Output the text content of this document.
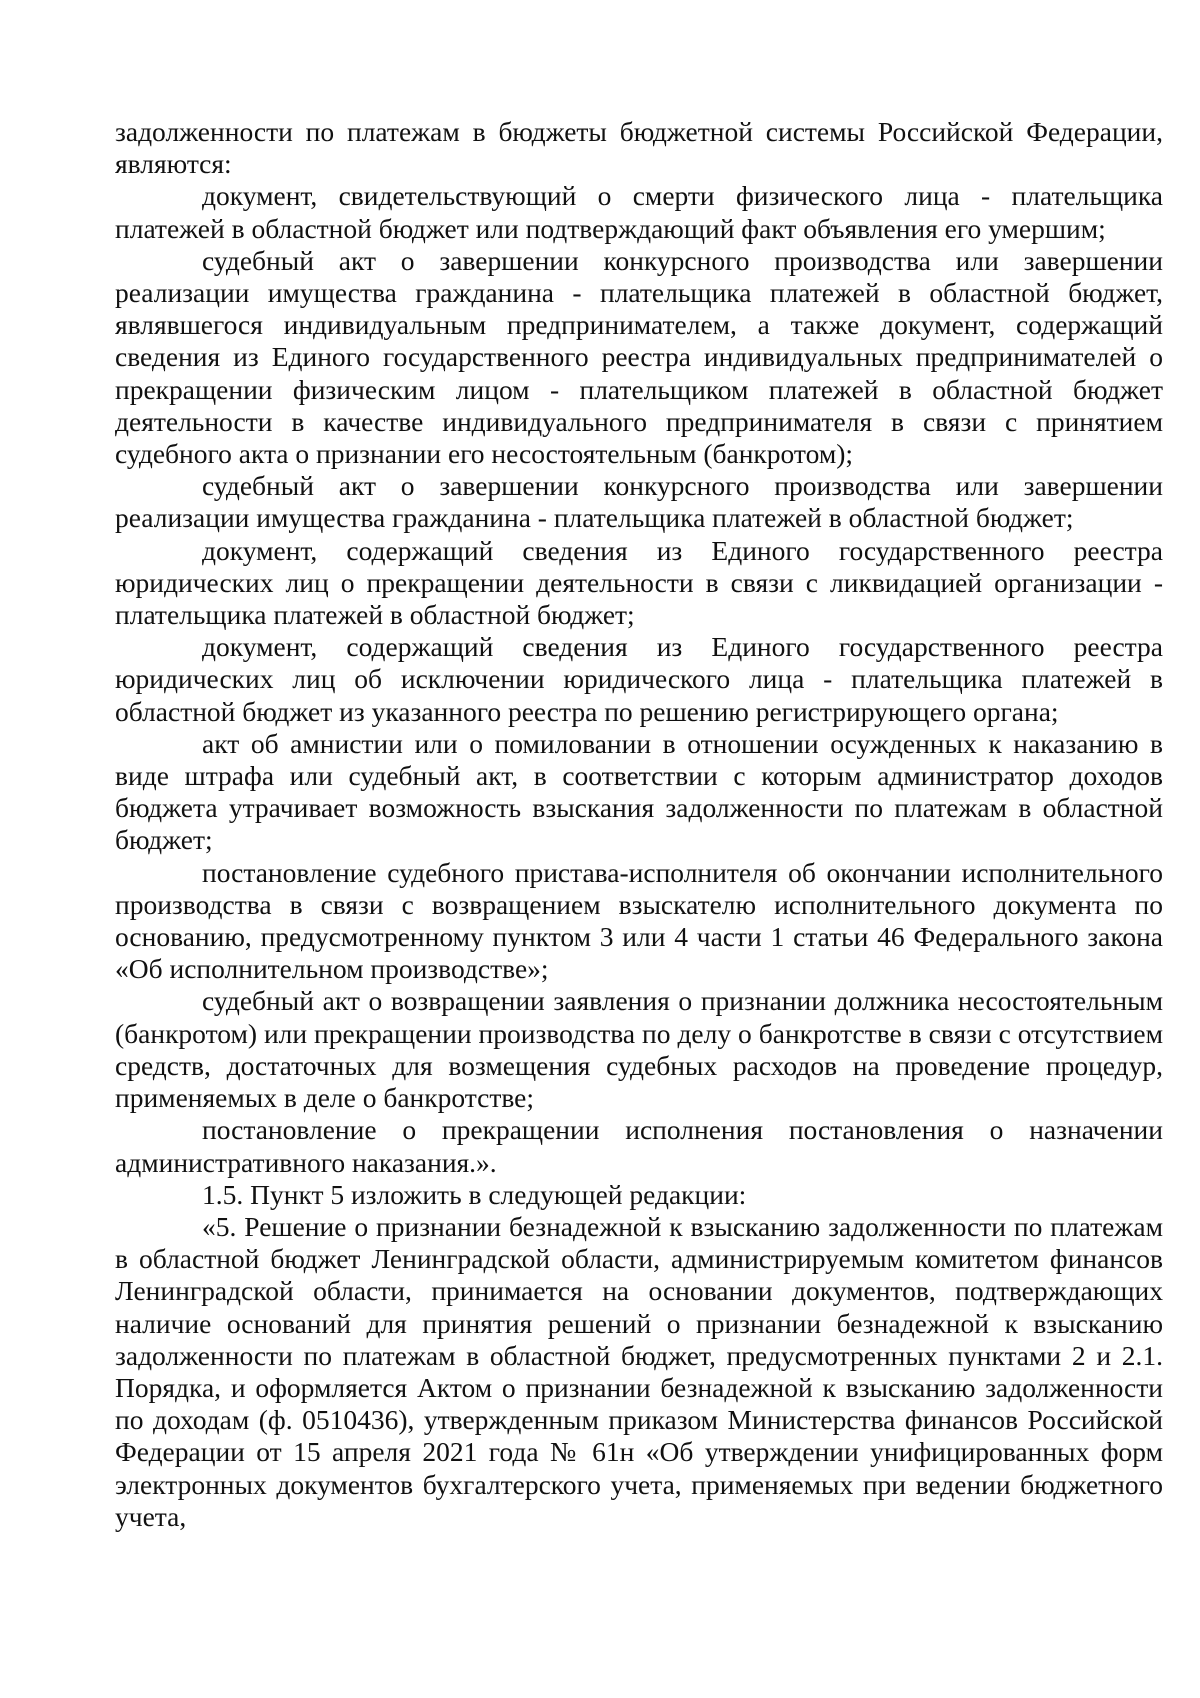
задолженности по платежам в бюджеты бюджетной системы Российской Федерации, являются:

документ, свидетельствующий о смерти физического лица - плательщика платежей в областной бюджет или подтверждающий факт объявления его умершим;

судебный акт о завершении конкурсного производства или завершении реализации имущества гражданина - плательщика платежей в областной бюджет, являвшегося индивидуальным предпринимателем, а также документ, содержащий сведения из Единого государственного реестра индивидуальных предпринимателей о прекращении физическим лицом - плательщиком платежей в областной бюджет деятельности в качестве индивидуального предпринимателя в связи с принятием судебного акта о признании его несостоятельным (банкротом);

судебный акт о завершении конкурсного производства или завершении реализации имущества гражданина - плательщика платежей в областной бюджет;

документ, содержащий сведения из Единого государственного реестра юридических лиц о прекращении деятельности в связи с ликвидацией организации - плательщика платежей в областной бюджет;

документ, содержащий сведения из Единого государственного реестра юридических лиц об исключении юридического лица - плательщика платежей в областной бюджет из указанного реестра по решению регистрирующего органа;

акт об амнистии или о помиловании в отношении осужденных к наказанию в виде штрафа или судебный акт, в соответствии с которым администратор доходов бюджета утрачивает возможность взыскания задолженности по платежам в областной бюджет;

постановление судебного пристава-исполнителя об окончании исполнительного производства в связи с возвращением взыскателю исполнительного документа по основанию, предусмотренному пунктом 3 или 4 части 1 статьи 46 Федерального закона «Об исполнительном производстве»;

судебный акт о возвращении заявления о признании должника несостоятельным (банкротом) или прекращении производства по делу о банкротстве в связи с отсутствием средств, достаточных для возмещения судебных расходов на проведение процедур, применяемых в деле о банкротстве;

постановление о прекращении исполнения постановления о назначении административного наказания.».

1.5. Пункт 5 изложить в следующей редакции:

«5. Решение о признании безнадежной к взысканию задолженности по платежам в областной бюджет Ленинградской области, администрируемым комитетом финансов Ленинградской области, принимается на основании документов, подтверждающих наличие оснований для принятия решений о признании безнадежной к взысканию задолженности по платежам в областной бюджет, предусмотренных пунктами 2 и 2.1. Порядка, и оформляется Актом о признании безнадежной к взысканию задолженности по доходам (ф. 0510436), утвержденным приказом Министерства финансов Российской Федерации от 15 апреля 2021 года № 61н «Об утверждении унифицированных форм электронных документов бухгалтерского учета, применяемых при ведении бюджетного учета,
